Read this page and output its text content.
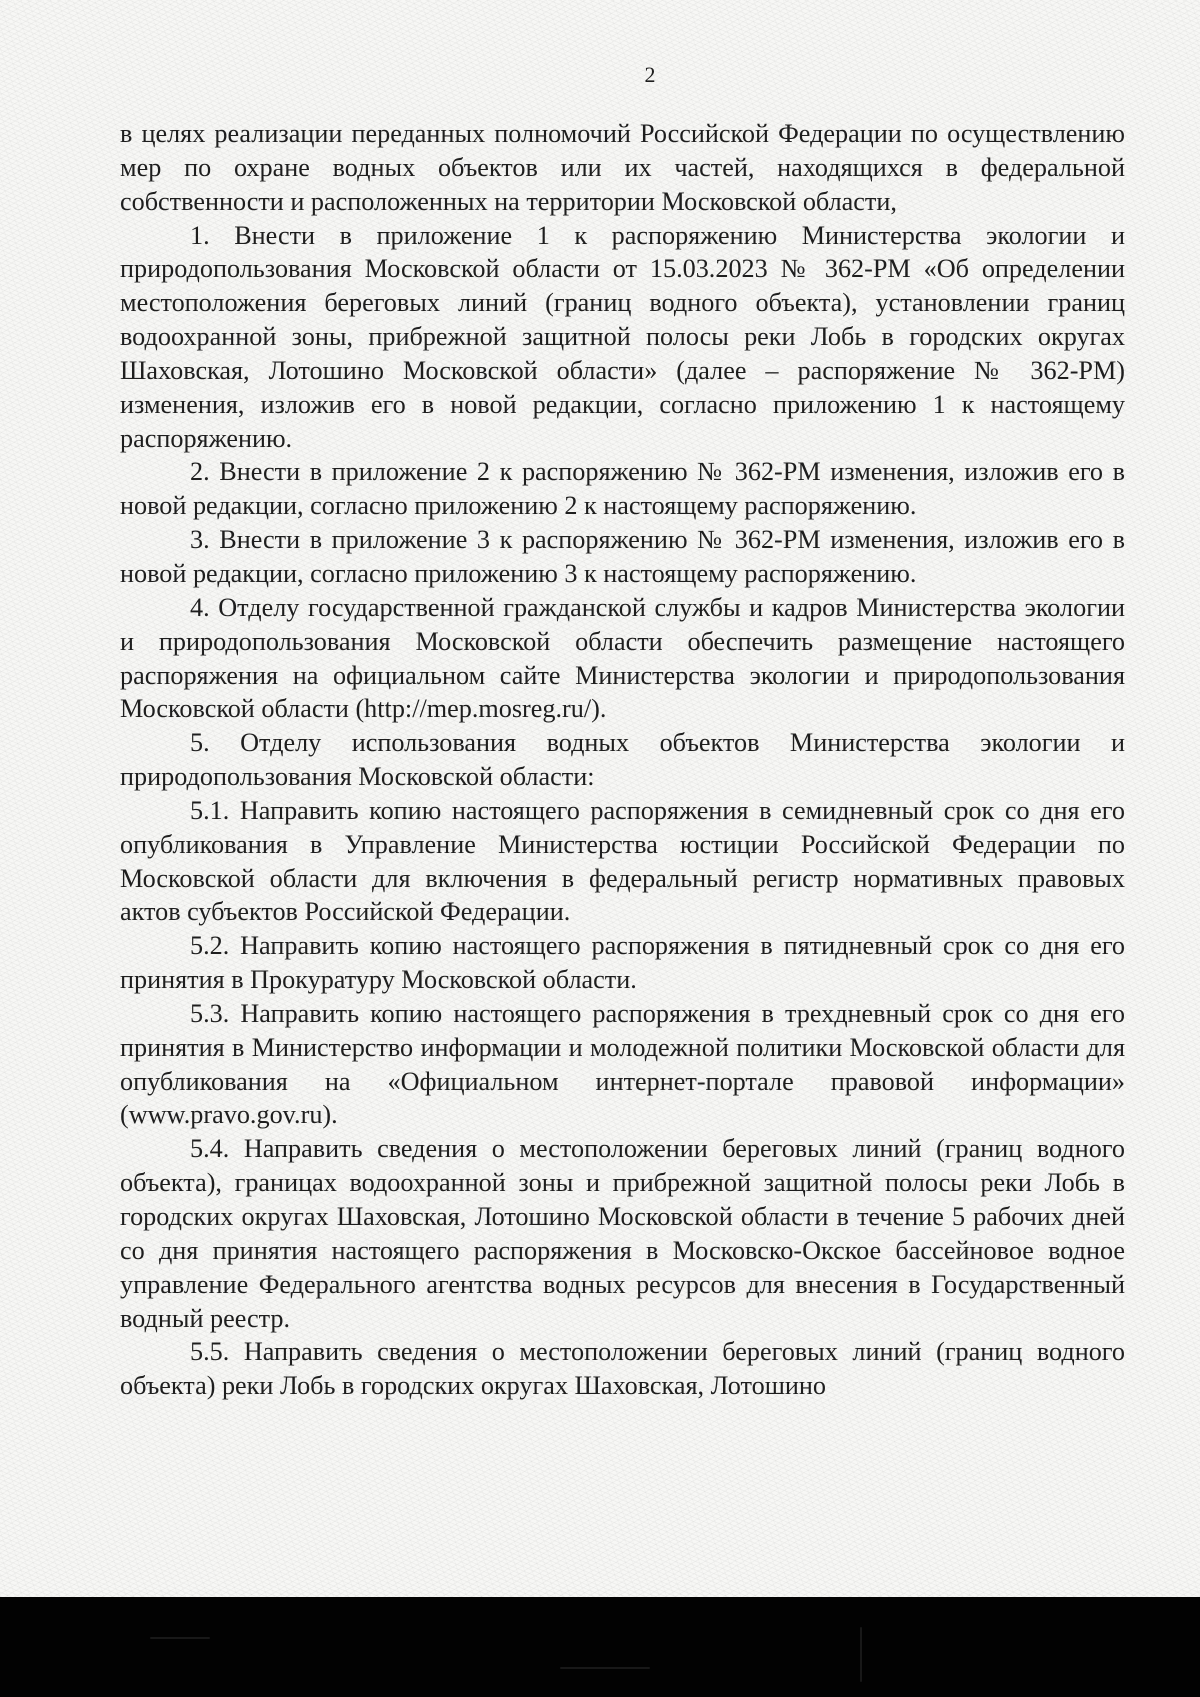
2

в целях реализации переданных полномочий Российской Федерации по осуществлению мер по охране водных объектов или их частей, находящихся в федеральной собственности и расположенных на территории Московской области,

1. Внести в приложение 1 к распоряжению Министерства экологии и природопользования Московской области от 15.03.2023 № 362-РМ «Об определении местоположения береговых линий (границ водного объекта), установлении границ водоохранной зоны, прибрежной защитной полосы реки Лобь в городских округах Шаховская, Лотошино Московской области» (далее – распоряжение № 362-РМ) изменения, изложив его в новой редакции, согласно приложению 1 к настоящему распоряжению.

2. Внести в приложение 2 к распоряжению № 362-РМ изменения, изложив его в новой редакции, согласно приложению 2 к настоящему распоряжению.

3. Внести в приложение 3 к распоряжению № 362-РМ изменения, изложив его в новой редакции, согласно приложению 3 к настоящему распоряжению.

4. Отделу государственной гражданской службы и кадров Министерства экологии и природопользования Московской области обеспечить размещение настоящего распоряжения на официальном сайте Министерства экологии и природопользования Московской области (http://mep.mosreg.ru/).

5. Отделу использования водных объектов Министерства экологии и природопользования Московской области:

5.1. Направить копию настоящего распоряжения в семидневный срок со дня его опубликования в Управление Министерства юстиции Российской Федерации по Московской области для включения в федеральный регистр нормативных правовых актов субъектов Российской Федерации.

5.2. Направить копию настоящего распоряжения в пятидневный срок со дня его принятия в Прокуратуру Московской области.

5.3. Направить копию настоящего распоряжения в трехдневный срок со дня его принятия в Министерство информации и молодежной политики Московской области для опубликования на «Официальном интернет-портале правовой информации» (www.pravo.gov.ru).

5.4. Направить сведения о местоположении береговых линий (границ водного объекта), границах водоохранной зоны и прибрежной защитной полосы реки Лобь в городских округах Шаховская, Лотошино Московской области в течение 5 рабочих дней со дня принятия настоящего распоряжения в Московско-Окское бассейновое водное управление Федерального агентства водных ресурсов для внесения в Государственный водный реестр.

5.5. Направить сведения о местоположении береговых линий (границ водного объекта) реки Лобь в городских округах Шаховская, Лотошино
